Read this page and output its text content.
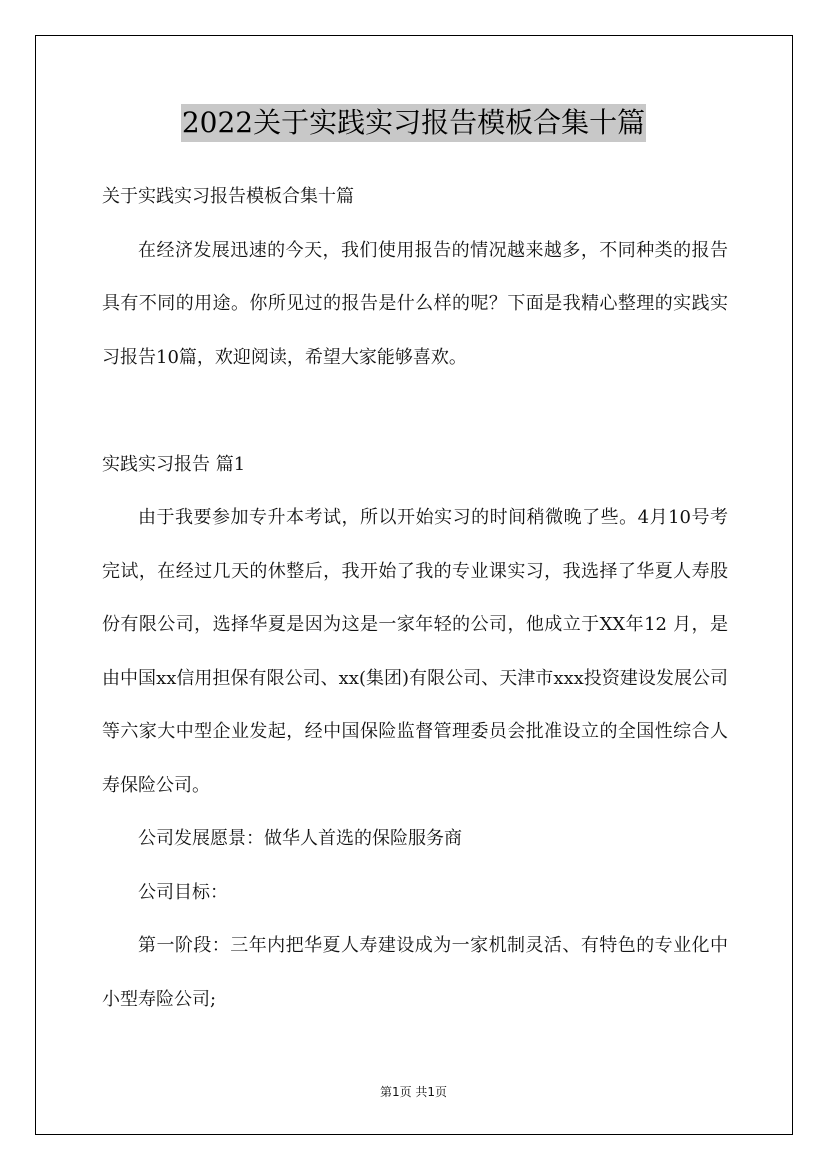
2022关于实践实习报告模板合集十篇

关于实践实习报告模板合集十篇

在经济发展迅速的今天，我们使用报告的情况越来越多，不同种类的报告具有不同的用途。你所见过的报告是什么样的呢？下面是我精心整理的实践实习报告10篇，欢迎阅读，希望大家能够喜欢。

实践实习报告 篇1

由于我要参加专升本考试，所以开始实习的时间稍微晚了些。4月10号考完试，在经过几天的休整后，我开始了我的专业课实习，我选择了华夏人寿股份有限公司，选择华夏是因为这是一家年轻的公司，他成立于XX年12 月，是由中国xx信用担保有限公司、xx(集团)有限公司、天津市xxx投资建设发展公司等六家大中型企业发起，经中国保险监督管理委员会批准设立的全国性综合人寿保险公司。

公司发展愿景：做华人首选的保险服务商

公司目标：

第一阶段：三年内把华夏人寿建设成为一家机制灵活、有特色的专业化中小型寿险公司;

第1页 共1页
